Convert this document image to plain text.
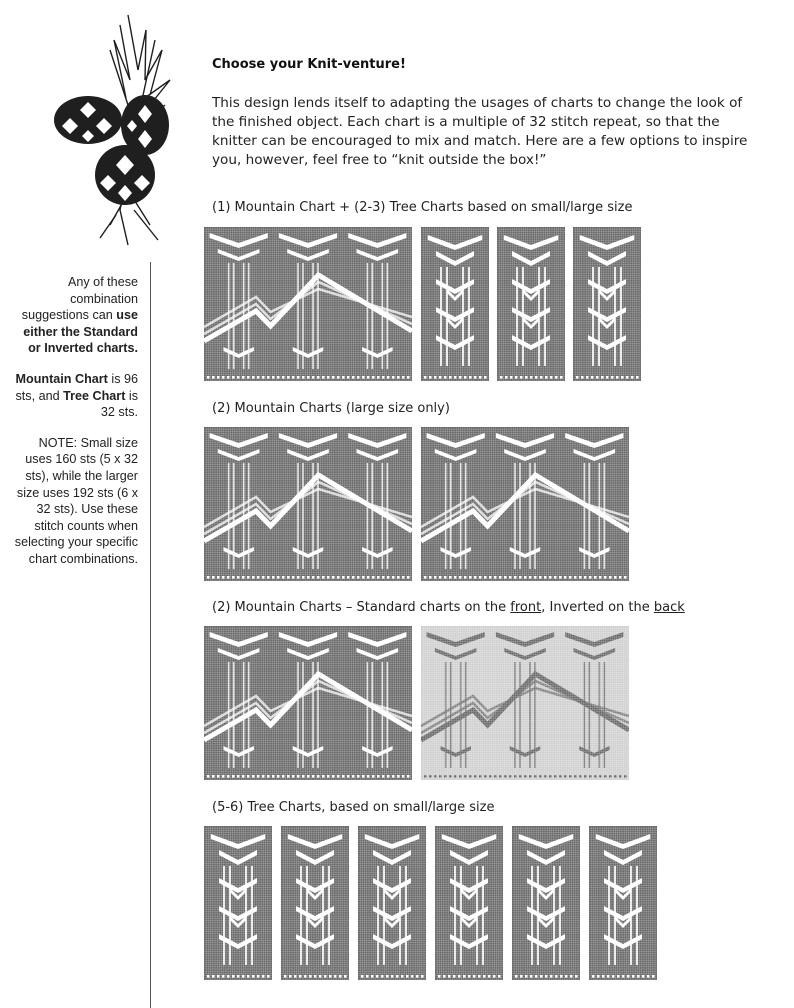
Any of these combination suggestions can use either the Standard or Inverted charts.

Mountain Chart is 96 sts, and Tree Chart is 32 sts.

NOTE: Small size uses 160 sts (5 x 32 sts), while the larger size uses 192 sts (6 x 32 sts). Use these stitch counts when selecting your specific chart combinations.

Choose your Knit-venture!

This design lends itself to adapting the usages of charts to change the look of the finished object. Each chart is a multiple of 32 stitch repeat, so that the knitter can be encouraged to mix and match. Here are a few options to inspire you, however, feel free to “knit outside the box!”

(1) Mountain Chart + (2-3) Tree Charts based on small/large size
(2) Mountain Charts (large size only)
(2) Mountain Charts – Standard charts on the front, Inverted on the back
(5-6) Tree Charts, based on small/large size
